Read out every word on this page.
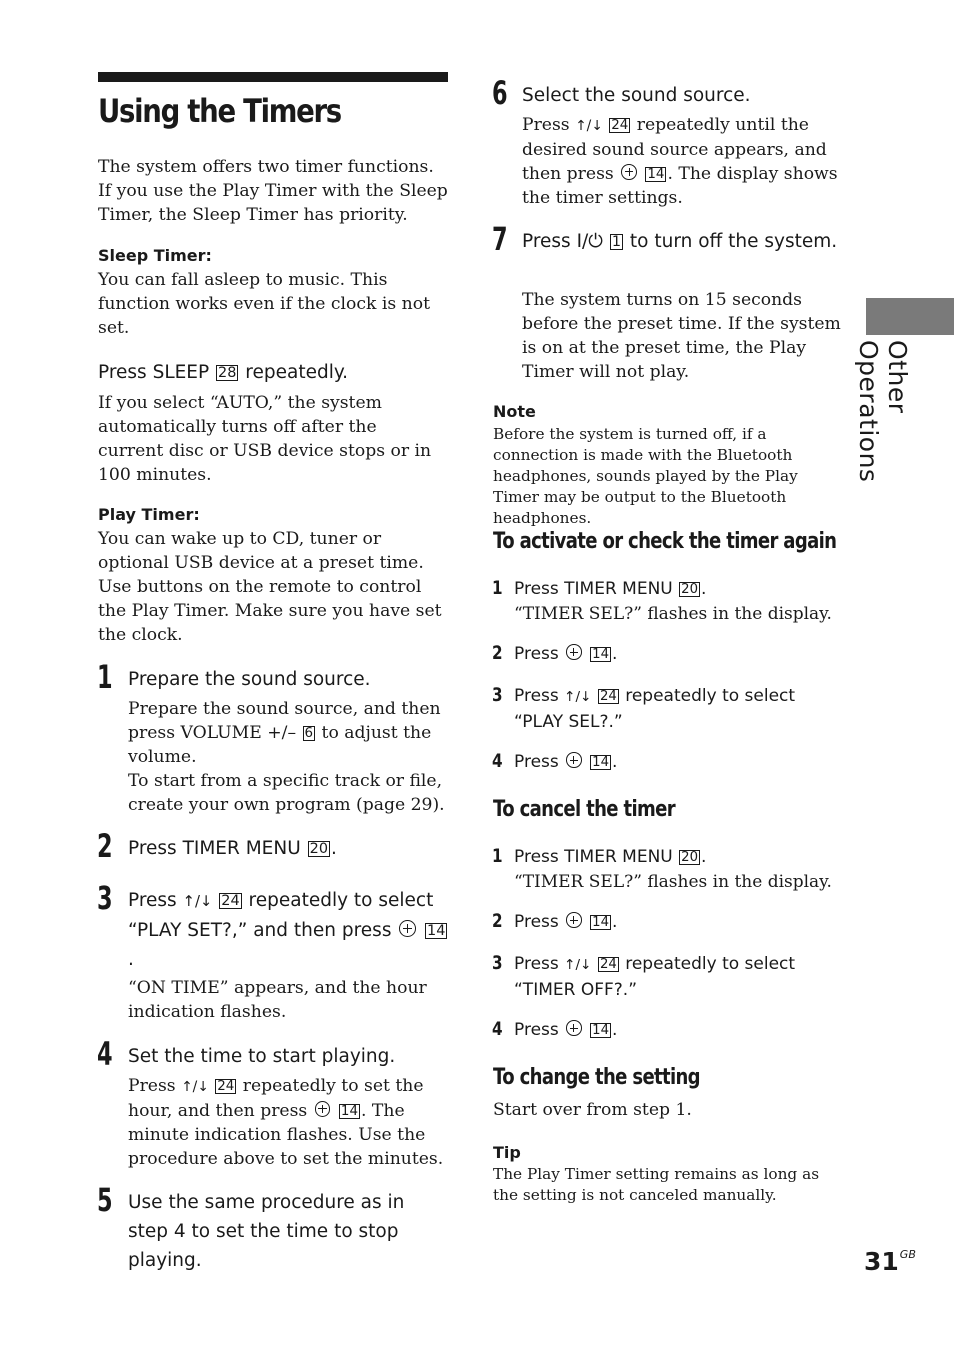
Using the Timers
The system offers two timer functions. If you use the Play Timer with the Sleep Timer, the Sleep Timer has priority.
Sleep Timer:
You can fall asleep to music. This function works even if the clock is not set.
Press SLEEP 28 repeatedly.
If you select “AUTO,” the system automatically turns off after the current disc or USB device stops or in 100 minutes.
Play Timer:
You can wake up to CD, tuner or optional USB device at a preset time.
Use buttons on the remote to control the Play Timer. Make sure you have set the clock.
1 Prepare the sound source.
Prepare the sound source, and then press VOLUME +/– 6 to adjust the volume.
To start from a specific track or file, create your own program (page 29).
2 Press TIMER MENU 20 .
3 Press ↑/↓ 24 repeatedly to select “PLAY SET?,” and then press 14.
“ON TIME” appears, and the hour indication flashes.
4 Set the time to start playing.
Press ↑/↓ 24 repeatedly to set the hour, and then press	14 . The minute indication flashes. Use the procedure above to set the minutes.
5 Use the same procedure as in step 4 to set the time to stop playing.
6 Select the sound source.
Press ↑/↓ 24 repeatedly until the desired sound source appears, and then press	14 . The display shows the timer settings.
7 Press I/⏻ 1 to turn off the system.
The system turns on 15 seconds before the preset time. If the system is on at the preset time, the Play Timer will not play.
Note
Before the system is turned off, if a connection is made with the Bluetooth headphones, sounds played by the Play Timer may be output to the Bluetooth headphones.
To activate or check the timer again
1 Press TIMER MENU 20 .
“TIMER SEL?” flashes in the display.
2 Press	14 .
3 Press ↑/↓ 24 repeatedly to select
“PLAY SEL?.”
4 Press	14 .
To cancel the timer
1 Press TIMER MENU 20 .
“TIMER SEL?” flashes in the display.
2 Press	14 .
3 Press ↑/↓ 24 repeatedly to select
“TIMER OFF?.”
4 Press	14 .
To change the setting
Start over from step 1.
Tip
The Play Timer setting remains as long as the setting is not canceled manually.
Other Operations
$31^{GB}$
